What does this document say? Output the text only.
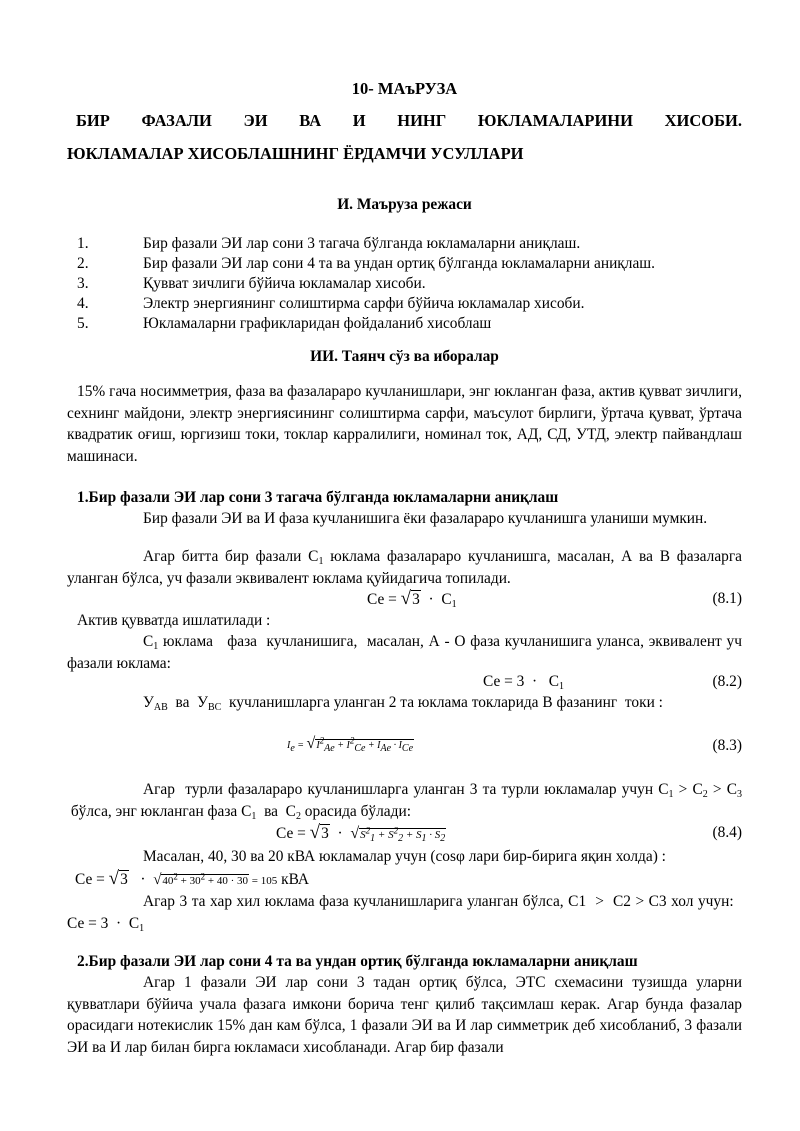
10- МАъРУЗА
БИР ФАЗАЛИ ЭИ ВА И НИНГ ЮКЛАМАЛАРИНИ ХИСОБИ.
ЮКЛАМАЛАР ХИСОБЛАШНИНГ ЁРДАМЧИ УСУЛЛАРИ
И. Маъруза режаси
1.	Бир фазали ЭИ лар сони 3 тагача бўлганда юкламаларни аниқлаш.
2.	Бир фазали ЭИ лар сони 4 та ва ундан ортиқ бўлганда юкламаларни аниқлаш.
3.	Қувват зичлиги бўйича юкламалар хисоби.
4.	Электр энергиянинг солиштирма сарфи бўйича юкламалар хисоби.
5.	Юкламаларни графикларидан фойдаланиб хисоблаш
ИИ. Таянч сўз ва иборалар
15% гача носимметрия, фаза ва фазалараро кучланишлари, энг юкланган фаза, актив қувват зичлиги, сехнинг майдони, электр энергиясининг солиштирма сарфи, маъсулот бирлиги, ўртача қувват, ўртача квадратик оғиш, юргизиш токи, токлар карралилиги, номинал ток, АД, СД, УТД, электр пайвандлаш машинаси.
1.Бир фазали ЭИ лар сони 3 тагача бўлганда юкламаларни аниқлаш
Бир фазали ЭИ ва И фаза кучланишига ёки фазалараро кучланишга уланиши мумкин.
Агар битта бир фазали $С_1$ юклама фазалараро кучланишга, масалан, А ва В фазаларга уланган бўлса, уч фазали эквивалент юклама қуйидагича топилади.
Се = $√3 \cdot С_1$	(8.1)
Актив қувватда ишлатилади :
$С_1$ юклама   фаза  кучланишига,  масалан, А - О фаза кучланишига уланса, эквивалент уч фазали юклама:
Се = $3 \cdot С_1$	(8.2)
$У_{АВ}$  ва  $У_{ВС}$  кучланишларга уланган 2 та юклама токларида В фазанинг  токи :
$I_e = √I^2_{Ae} + I^2_{Ce} + I_{Ae} \cdot I_{Ce}$	(8.3)
Агар  турли фазалараро кучланишларга уланган 3 та турли юкламалар учун $С_1 > С_2 > С_3$  бўлса, энг юкланган фаза $С_1$  ва  $С_2$ орасида бўлади:
Се = $√3 \cdot √S^2_1 + S^2_2 + S_1 \cdot S_2$	(8.4)
Масалан, 40, 30 ва 20 кВА юкламалар учун (сosφ лари бир-бирига яқин холда) :
Се = $√3 \cdot √40^2 + 30^2 + 40 \cdot 30 = 105$ кВА
Агар 3 та хар хил юклама фаза кучланишларига уланган бўлса, С1  >  С2 > С3 хол учун:   Се = $3 \cdot С_1$
2.Бир фазали ЭИ лар сони 4 та ва ундан ортиқ бўлганда юкламаларни аниқлаш
Агар 1 фазали ЭИ лар сони 3 тадан ортиқ бўлса, ЭТС схемасини тузишда уларни қувватлари бўйича учала фазага имкони борича тенг қилиб тақсимлаш керак. Агар бунда фазалар орасидаги нотекислик 15% дан кам бўлса, 1 фазали ЭИ ва И лар симметрик деб хисобланиб, 3 фазали ЭИ ва И лар билан бирга юкламаси хисобланади. Агар бир фазали
